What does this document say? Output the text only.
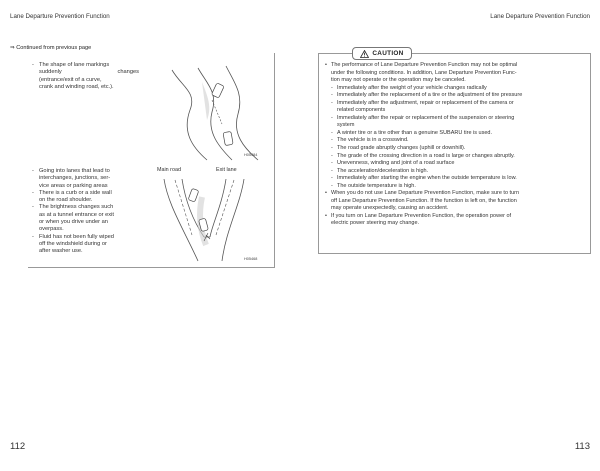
Lane Departure Prevention Function	Lane Departure Prevention Function
⇒ Continued from previous page
- The shape of lane markings
suddenly	changes
(entrance/exit of a curve,
crank and winding road, etc.).
- Going into lanes that lead to
interchanges, junctions, ser-
vice areas or parking areas
- There is a curb or a side wall
on the road shoulder.
- The brightness changes such
as at a tunnel entrance or exit
or when you drive under an
overpass.
- Fluid has not been fully wiped
off the windshield during or
after washer use.
H05484
Main road	Exit lane
H05468
CAUTION
• The performance of Lane Departure Prevention Function may not be optimal
under the following conditions. In addition, Lane Departure Prevention Func-
tion may not operate or the operation may be canceled.
- Immediately after the weight of your vehicle changes radically
- Immediately after the replacement of a tire or the adjustment of tire pressure
- Immediately after the adjustment, repair or replacement of the camera or
related components
- Immediately after the repair or replacement of the suspension or steering
system
- A winter tire or a tire other than a genuine SUBARU tire is used.
- The vehicle is in a crosswind.
- The road grade abruptly changes (uphill or downhill).
- The grade of the crossing direction in a road is large or changes abruptly.
- Unevenness, winding and joint of a road surface
- The acceleration/deceleration is high.
- Immediately after starting the engine when the outside temperature is low.
- The outside temperature is high.
• When you do not use Lane Departure Prevention Function, make sure to turn
off Lane Departure Prevention Function. If the function is left on, the function
may operate unexpectedly, causing an accident.
• If you turn on Lane Departure Prevention Function, the operation power of
electric power steering may change.
112	113
